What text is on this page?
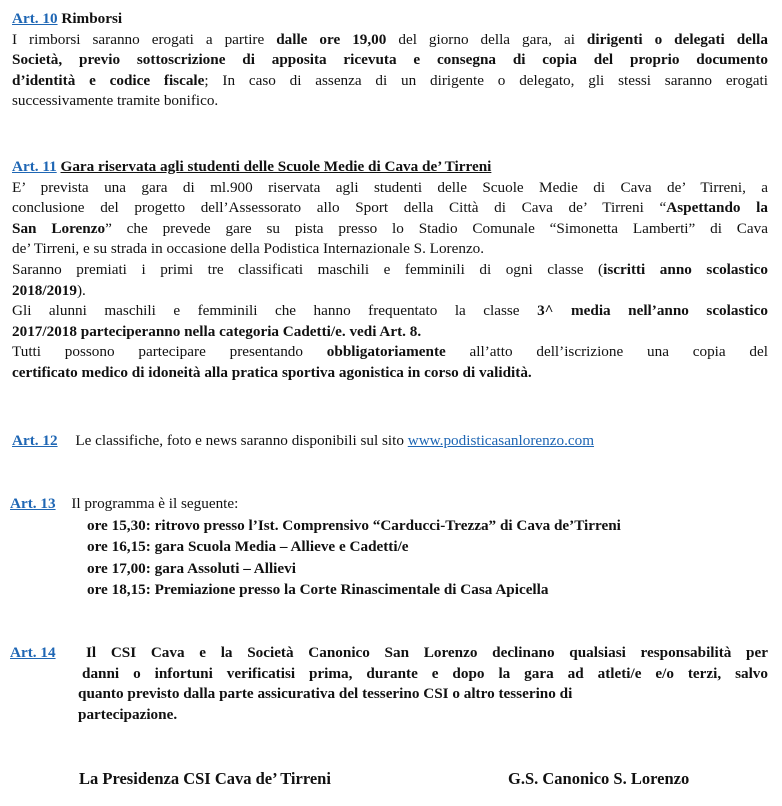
Art. 10 Rimborsi
I rimborsi saranno erogati a partire dalle ore 19,00 del giorno della gara, ai dirigenti o delegati della
Società, previo sottoscrizione di apposita ricevuta e consegna di copia del proprio documento
d’identità e codice fiscale; In caso di assenza di un dirigente o delegato, gli stessi saranno erogati
successivamente tramite bonifico.
Art. 11 Gara riservata agli studenti delle Scuole Medie di Cava de’ Tirreni
E’ prevista una gara di ml.900 riservata agli studenti delle Scuole Medie di Cava de’ Tirreni, a
conclusione del progetto dell’Assessorato allo Sport della Città di Cava de’ Tirreni “Aspettando la
San Lorenzo” che prevede gare su pista presso lo Stadio Comunale “Simonetta Lamberti” di Cava
de’ Tirreni, e su strada in occasione della Podistica Internazionale S. Lorenzo.
Saranno premiati i primi tre classificati maschili e femminili di ogni classe (iscritti anno scolastico
2018/2019).
Gli alunni maschili e femminili che hanno frequentato la classe 3^ media nell’anno scolastico
2017/2018 parteciperanno nella categoria Cadetti/e. vedi Art. 8.
Tutti possono partecipare presentando obbligatoriamente all’atto dell’iscrizione una copia del
certificato medico di idoneità alla pratica sportiva agonistica in corso di validità.
Art. 12 Le classifiche, foto e news saranno disponibili sul sito www.podisticasanlorenzo.com
Art. 13 Il programma è il seguente:
ore 15,30: ritrovo presso l’Ist. Comprensivo “Carducci-Trezza” di Cava de’Tirreni
ore 16,15: gara Scuola Media – Allieve e Cadetti/e
ore 17,00: gara Assoluti – Allievi
ore 18,15: Premiazione presso la Corte Rinascimentale di Casa Apicella
Art. 14	Il CSI Cava e la Società Canonico San Lorenzo declinano qualsiasi responsabilità per
danni o infortuni verificatisi prima, durante e dopo la gara ad atleti/e e/o terzi, salvo
quanto previsto dalla parte assicurativa del tesserino CSI o altro tesserino di
partecipazione.
La Presidenza CSI Cava de’ Tirreni	G.S. Canonico S. Lorenzo
